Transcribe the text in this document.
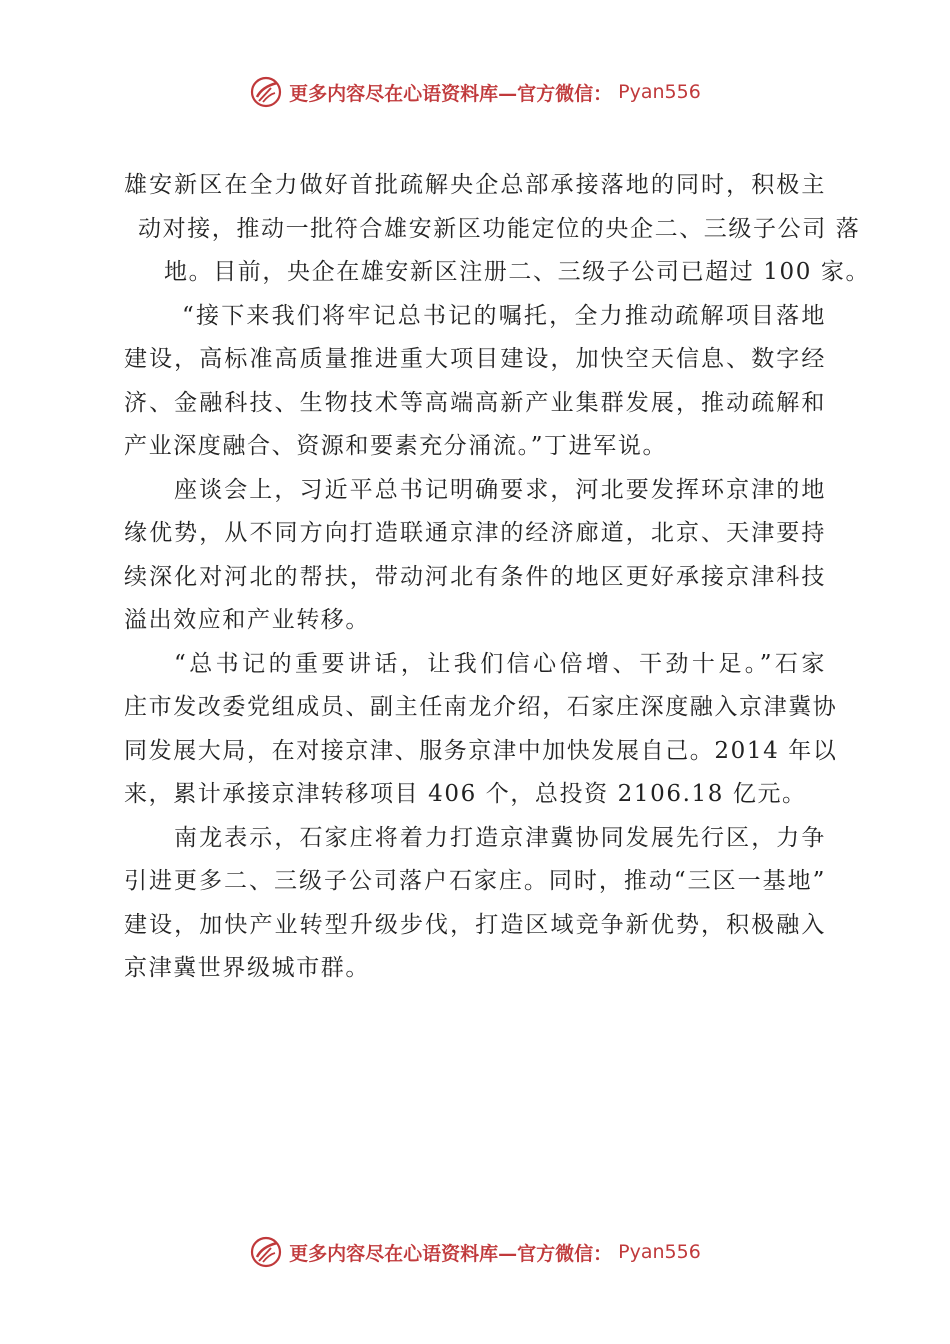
更多内容尽在心语资料库—官方微信： Pyan556
雄安新区在全力做好首批疏解央企总部承接落地的同时，积极主
动对接，推动一批符合雄安新区功能定位的央企二、三级子公司 落
地。目前，央企在雄安新区注册二、三级子公司已超过 100 家。
“接下来我们将牢记总书记的嘱托，全力推动疏解项目落地
建设，高标准高质量推进重大项目建设，加快空天信息、数字经
济、金融科技、生物技术等高端高新产业集群发展，推动疏解和
产业深度融合、资源和要素充分涌流。”丁进军说。
座谈会上，习近平总书记明确要求，河北要发挥环京津的地
缘优势，从不同方向打造联通京津的经济廊道，北京、天津要持
续深化对河北的帮扶，带动河北有条件的地区更好承接京津科技
溢出效应和产业转移。
“总书记的重要讲话，让我们信心倍增、干劲十足。”石家
庄市发改委党组成员、副主任南龙介绍，石家庄深度融入京津冀协
同发展大局，在对接京津、服务京津中加快发展自己。2014 年以
来，累计承接京津转移项目 406 个，总投资 2106.18 亿元。
南龙表示，石家庄将着力打造京津冀协同发展先行区，力争
引进更多二、三级子公司落户石家庄。同时，推动“三区一基地”
建设，加快产业转型升级步伐，打造区域竞争新优势，积极融入
京津冀世界级城市群。
更多内容尽在心语资料库—官方微信： Pyan556
